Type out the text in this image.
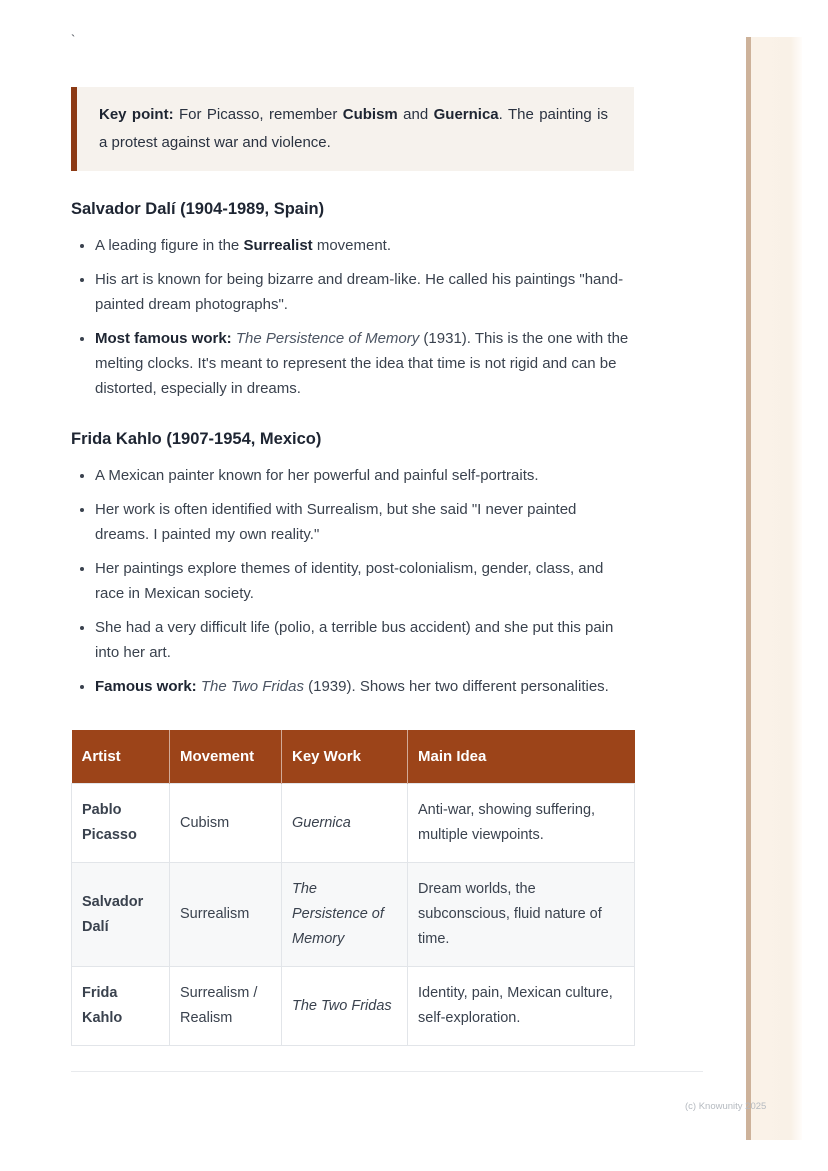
`
Key point: For Picasso, remember Cubism and Guernica. The painting is a protest against war and violence.
Salvador Dalí (1904-1989, Spain)
• A leading figure in the Surrealist movement.
• His art is known for being bizarre and dream-like. He called his paintings "hand-painted dream photographs".
• Most famous work: The Persistence of Memory (1931). This is the one with the melting clocks. It's meant to represent the idea that time is not rigid and can be distorted, especially in dreams.
Frida Kahlo (1907-1954, Mexico)
• A Mexican painter known for her powerful and painful self-portraits.
• Her work is often identified with Surrealism, but she said "I never painted dreams. I painted my own reality."
• Her paintings explore themes of identity, post-colonialism, gender, class, and race in Mexican society.
• She had a very difficult life (polio, a terrible bus accident) and she put this pain into her art.
• Famous work: The Two Fridas (1939). Shows her two different personalities.
Artist	Movement	Key Work	Main Idea
Pablo Picasso	Cubism	Guernica	Anti-war, showing suffering, multiple viewpoints.
Salvador Dalí	Surrealism	The Persistence of Memory	Dream worlds, the subconscious, fluid nature of time.
Frida Kahlo	Surrealism / Realism	The Two Fridas	Identity, pain, Mexican culture, self-exploration.
(c) Knowunity 2025
